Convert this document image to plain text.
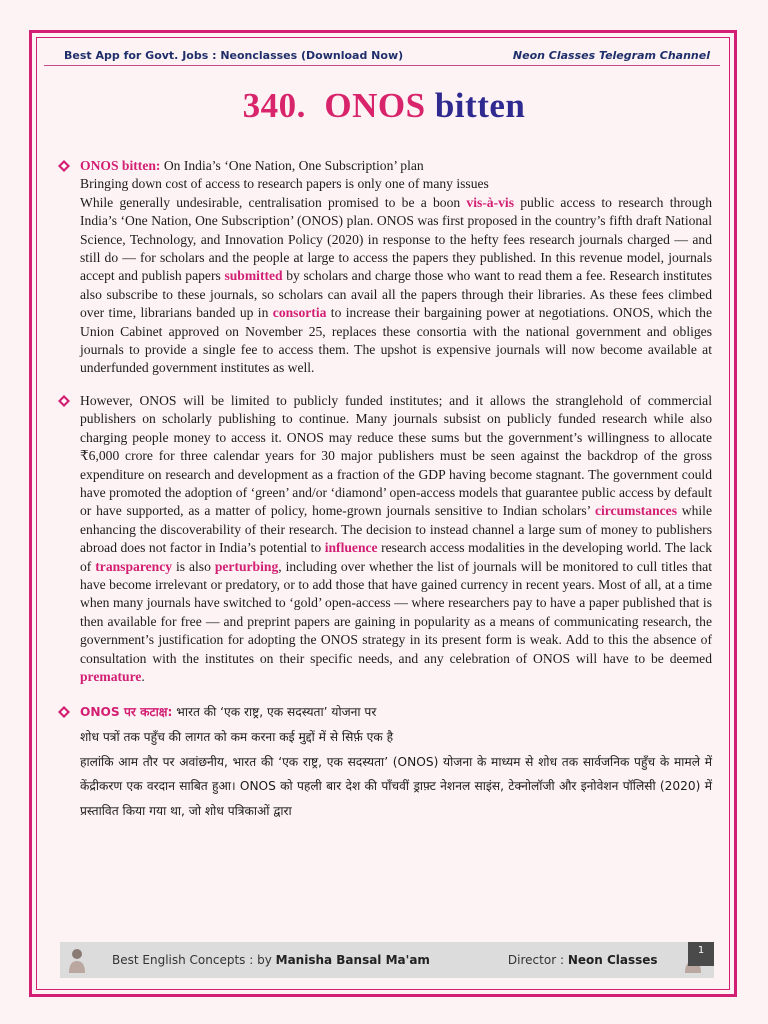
Best App for Govt. Jobs : Neonclasses (Download Now)	Neon Classes Telegram Channel
340. ONOS bitten
ONOS bitten: On India’s ‘One Nation, One Subscription’ plan
Bringing down cost of access to research papers is only one of many issues
While generally undesirable, centralisation promised to be a boon vis-à-vis public access to research through India’s ‘One Nation, One Subscription’ (ONOS) plan. ONOS was first proposed in the country’s fifth draft National Science, Technology, and Innovation Policy (2020) in response to the hefty fees research journals charged — and still do — for scholars and the people at large to access the papers they published. In this revenue model, journals accept and publish papers submitted by scholars and charge those who want to read them a fee. Research institutes also subscribe to these journals, so scholars can avail all the papers through their libraries. As these fees climbed over time, librarians banded up in consortia to increase their bargaining power at negotiations. ONOS, which the Union Cabinet approved on November 25, replaces these consortia with the national government and obliges journals to provide a single fee to access them. The upshot is expensive journals will now become available at underfunded government institutes as well.
However, ONOS will be limited to publicly funded institutes; and it allows the stranglehold of commercial publishers on scholarly publishing to continue. Many journals subsist on publicly funded research while also charging people money to access it. ONOS may reduce these sums but the government’s willingness to allocate ₹6,000 crore for three calendar years for 30 major publishers must be seen against the backdrop of the gross expenditure on research and development as a fraction of the GDP having become stagnant. The government could have promoted the adoption of ‘green’ and/or ‘diamond’ open-access models that guarantee public access by default or have supported, as a matter of policy, home-grown journals sensitive to Indian scholars’ circumstances while enhancing the discoverability of their research. The decision to instead channel a large sum of money to publishers abroad does not factor in India’s potential to influence research access modalities in the developing world. The lack of transparency is also perturbing, including over whether the list of journals will be monitored to cull titles that have become irrelevant or predatory, or to add those that have gained currency in recent years. Most of all, at a time when many journals have switched to ‘gold’ open-access — where researchers pay to have a paper published that is then available for free — and preprint papers are gaining in popularity as a means of communicating research, the government’s justification for adopting the ONOS strategy in its present form is weak. Add to this the absence of consultation with the institutes on their specific needs, and any celebration of ONOS will have to be deemed premature.
ONOS पर कटाक्ष: भारत की ‘एक राष्ट्र, एक सदस्यता’ योजना पर
शोध पत्रों तक पहुँच की लागत को कम करना कई मुद्दों में से सिर्फ़ एक है
हालांकि आम तौर पर अवांछनीय, भारत की ‘एक राष्ट्र, एक सदस्यता’ (ONOS) योजना के माध्यम से शोध तक सार्वजनिक पहुँच के मामले में केंद्रीकरण एक वरदान साबित हुआ। ONOS को पहली बार देश की पाँचवीं ड्राफ़्ट नेशनल साइंस, टेक्नोलॉजी और इनोवेशन पॉलिसी (2020) में प्रस्तावित किया गया था, जो शोध पत्रिकाओं द्वारा
Best English Concepts : by Manisha Bansal Ma'am	Director : Neon Classes
1
